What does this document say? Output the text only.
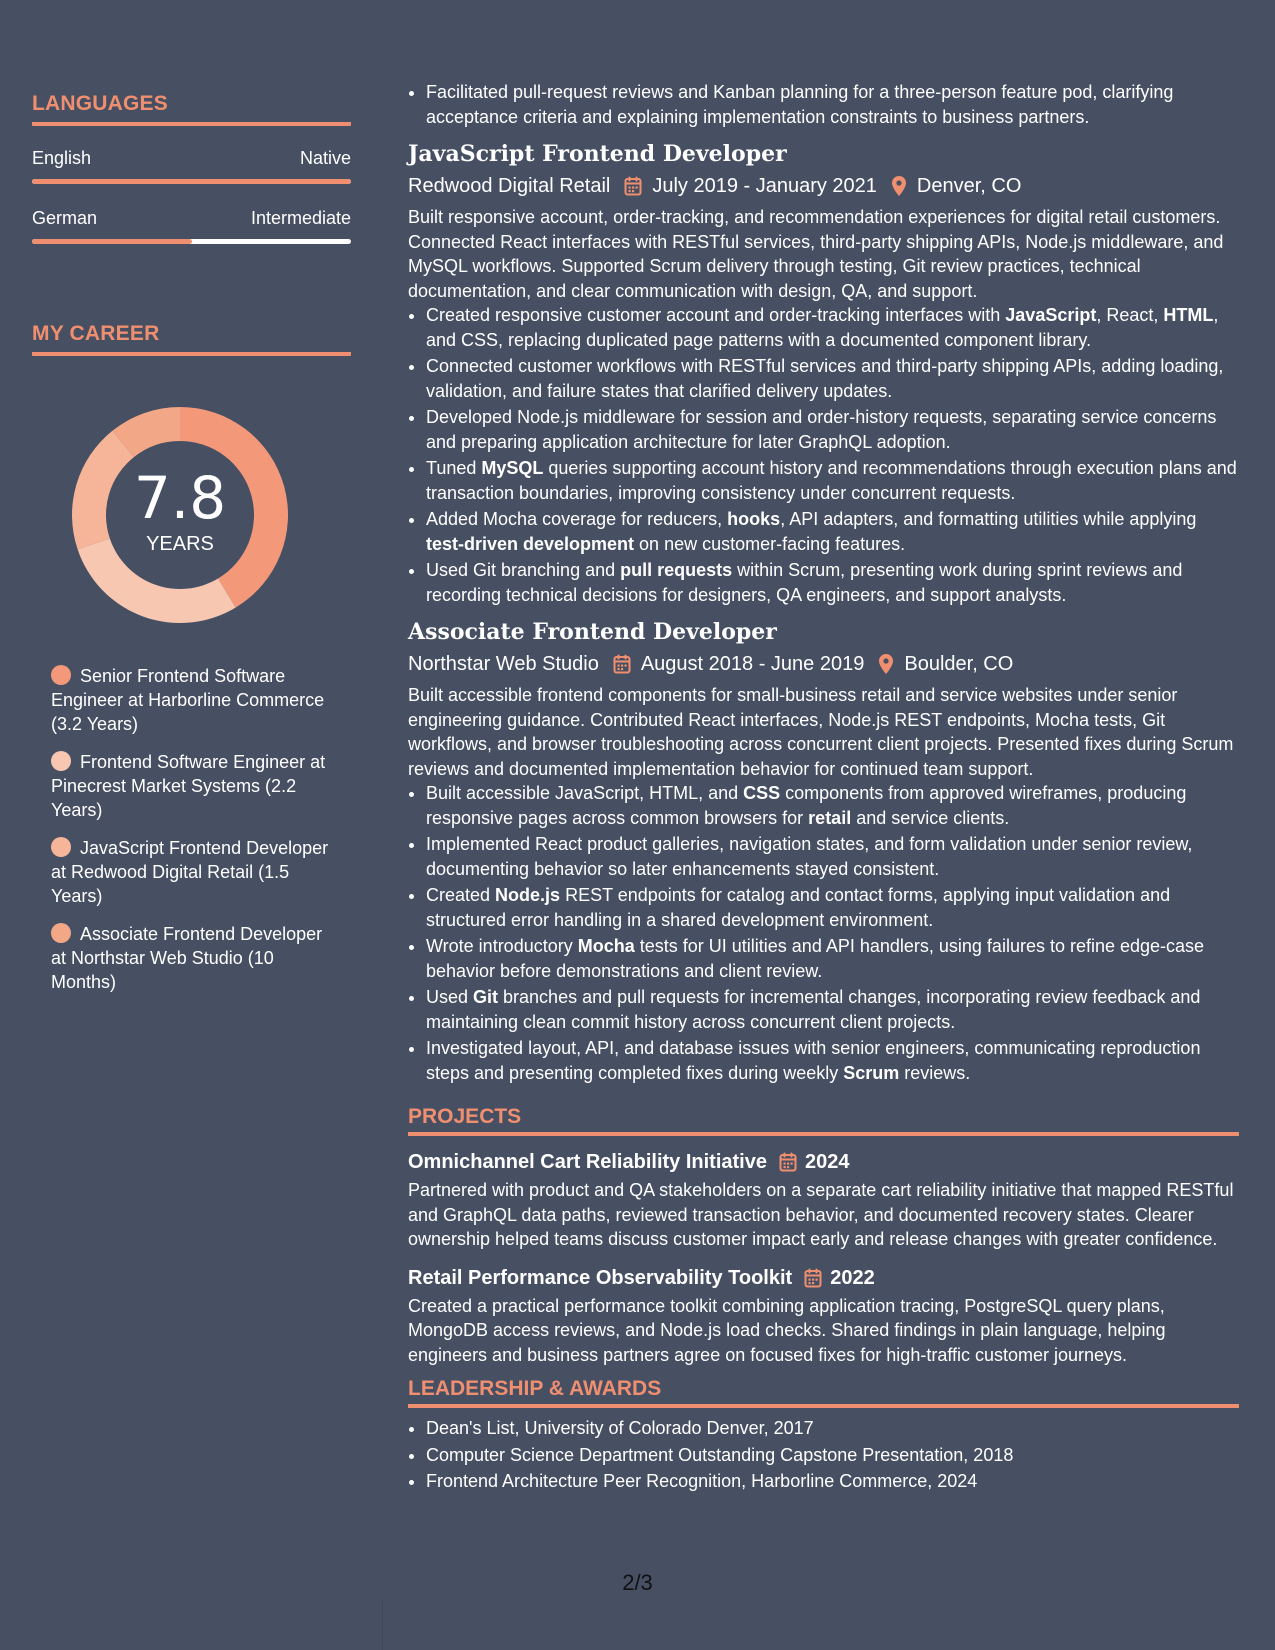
LANGUAGES
English	Native
German	Intermediate
MY CAREER
7.8
YEARS
Senior Frontend Software Engineer at Harborline Commerce (3.2 Years)
Frontend Software Engineer at Pinecrest Market Systems (2.2 Years)
JavaScript Frontend Developer at Redwood Digital Retail (1.5 Years)
Associate Frontend Developer at Northstar Web Studio (10 Months)
• Facilitated pull-request reviews and Kanban planning for a three-person feature pod, clarifying acceptance criteria and explaining implementation constraints to business partners.
JavaScript Frontend Developer
Redwood Digital Retail July 2019 - January 2021 Denver, CO
Built responsive account, order-tracking, and recommendation experiences for digital retail customers. Connected React interfaces with RESTful services, third-party shipping APIs, Node.js middleware, and MySQL workflows. Supported Scrum delivery through testing, Git review practices, technical documentation, and clear communication with design, QA, and support.
• Created responsive customer account and order-tracking interfaces with JavaScript, React, HTML, and CSS, replacing duplicated page patterns with a documented component library.
• Connected customer workflows with RESTful services and third-party shipping APIs, adding loading, validation, and failure states that clarified delivery updates.
• Developed Node.js middleware for session and order-history requests, separating service concerns and preparing application architecture for later GraphQL adoption.
• Tuned MySQL queries supporting account history and recommendations through execution plans and transaction boundaries, improving consistency under concurrent requests.
• Added Mocha coverage for reducers, hooks, API adapters, and formatting utilities while applying test-driven development on new customer-facing features.
• Used Git branching and pull requests within Scrum, presenting work during sprint reviews and recording technical decisions for designers, QA engineers, and support analysts.
Associate Frontend Developer
Northstar Web Studio August 2018 - June 2019 Boulder, CO
Built accessible frontend components for small-business retail and service websites under senior engineering guidance. Contributed React interfaces, Node.js REST endpoints, Mocha tests, Git workflows, and browser troubleshooting across concurrent client projects. Presented fixes during Scrum reviews and documented implementation behavior for continued team support.
• Built accessible JavaScript, HTML, and CSS components from approved wireframes, producing responsive pages across common browsers for retail and service clients.
• Implemented React product galleries, navigation states, and form validation under senior review, documenting behavior so later enhancements stayed consistent.
• Created Node.js REST endpoints for catalog and contact forms, applying input validation and structured error handling in a shared development environment.
• Wrote introductory Mocha tests for UI utilities and API handlers, using failures to refine edge-case behavior before demonstrations and client review.
• Used Git branches and pull requests for incremental changes, incorporating review feedback and maintaining clean commit history across concurrent client projects.
• Investigated layout, API, and database issues with senior engineers, communicating reproduction steps and presenting completed fixes during weekly Scrum reviews.
PROJECTS
Omnichannel Cart Reliability Initiative 2024
Partnered with product and QA stakeholders on a separate cart reliability initiative that mapped RESTful and GraphQL data paths, reviewed transaction behavior, and documented recovery states. Clearer ownership helped teams discuss customer impact early and release changes with greater confidence.
Retail Performance Observability Toolkit 2022
Created a practical performance toolkit combining application tracing, PostgreSQL query plans, MongoDB access reviews, and Node.js load checks. Shared findings in plain language, helping engineers and business partners agree on focused fixes for high-traffic customer journeys.
LEADERSHIP & AWARDS
• Dean's List, University of Colorado Denver, 2017
• Computer Science Department Outstanding Capstone Presentation, 2018
• Frontend Architecture Peer Recognition, Harborline Commerce, 2024
2/3
